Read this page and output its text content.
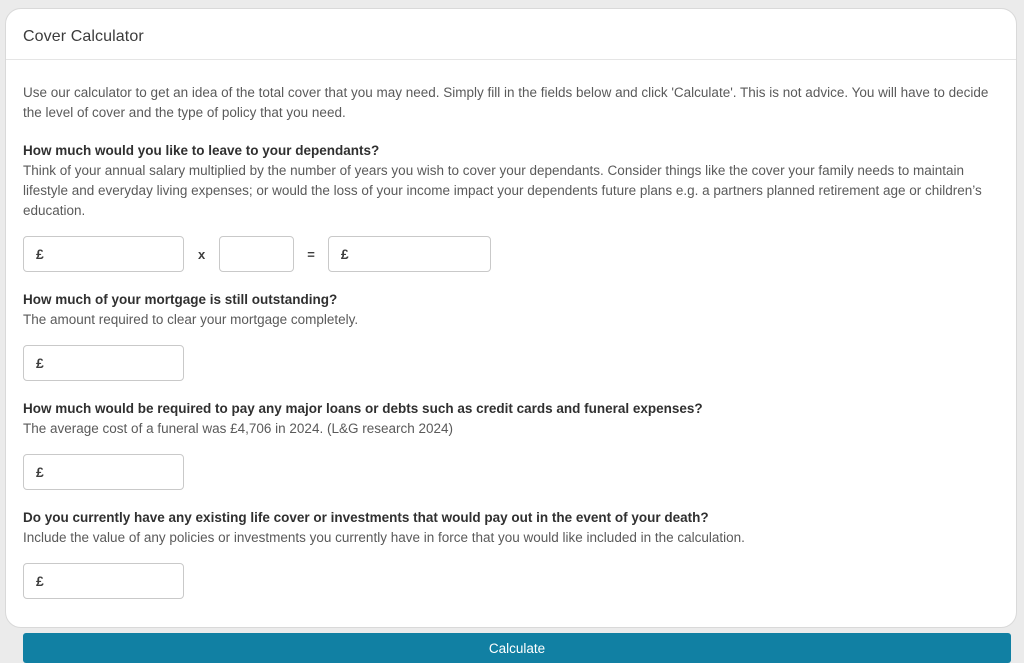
Cover Calculator

Use our calculator to get an idea of the total cover that you may need. Simply fill in the fields below and click 'Calculate'. This is not advice. You will have to decide the level of cover and the type of policy that you need.

How much would you like to leave to your dependants?
Think of your annual salary multiplied by the number of years you wish to cover your dependants. Consider things like the cover your family needs to maintain lifestyle and everyday living expenses; or would the loss of your income impact your dependents future plans e.g. a partners planned retirement age or children’s education.
£
x	=
£
How much of your mortgage is still outstanding?
The amount required to clear your mortgage completely.
£
How much would be required to pay any major loans or debts such as credit cards and funeral expenses?
The average cost of a funeral was £4,706 in 2024. (L&G research 2024)
£
Do you currently have any existing life cover or investments that would pay out in the event of your death?
Include the value of any policies or investments you currently have in force that you would like included in the calculation.
£
Calculate
